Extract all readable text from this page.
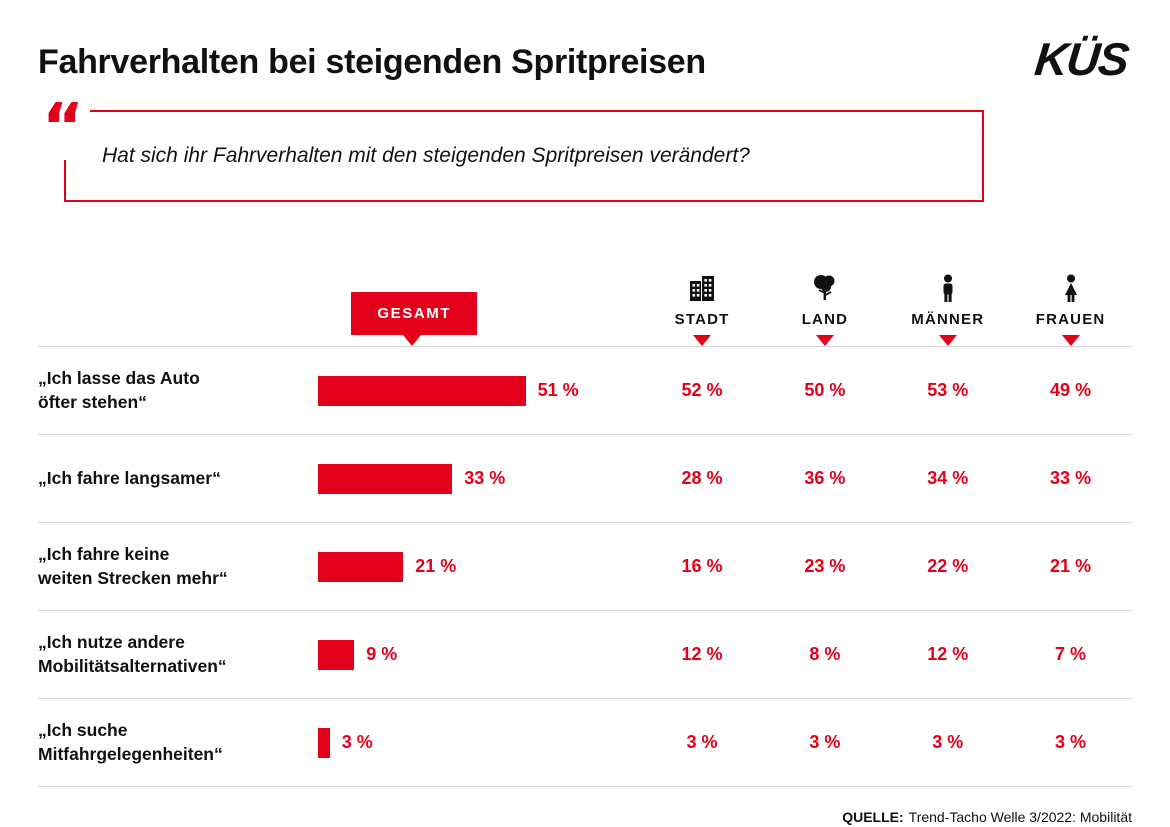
Fahrverhalten bei steigenden Spritpreisen	KÜS
“ Hat sich ihr Fahrverhalten mit den steigenden Spritpreisen verändert?
GESAMT	STADT	LAND	MÄNNER	FRAUEN
„Ich lasse das Auto
öfter stehen“
51 %	52 %	50 %	53 %	49 %
„Ich fahre langsamer“	33 %	28 %	36 %	34 %	33 %
„Ich fahre keine
weiten Strecken mehr“
21 %	16 %	23 %	22 %	21 %
„Ich nutze andere
Mobilitätsalternativen“
9 %	12 %	8 %	12 %	7 %
„Ich suche
Mitfahrgelegenheiten“
3 %	3 %	3 %	3 %	3 %
QUELLE: Trend-Tacho Welle 3/2022: Mobilität
